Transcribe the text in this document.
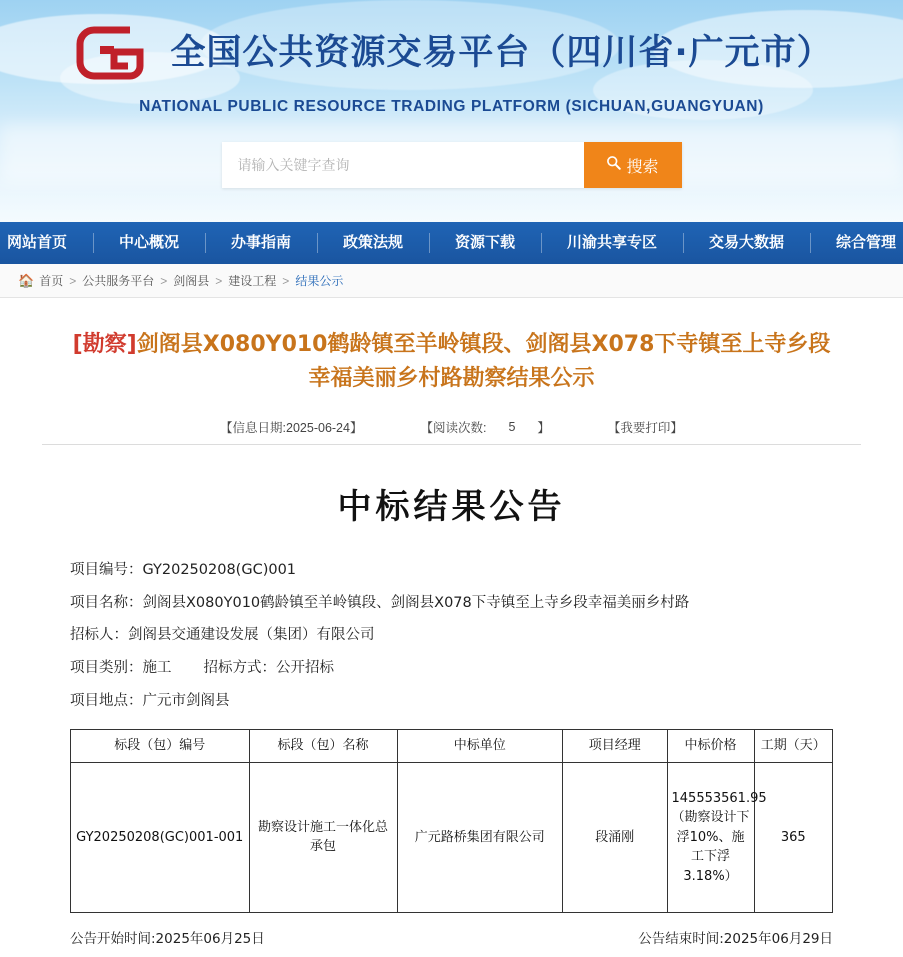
全国公共资源交易平台（四川省·广元市）
NATIONAL PUBLIC RESOURCE TRADING PLATFORM (SICHUAN,GUANGYUAN)
请输入关键字查询
搜索
网站首页	中心概况	办事指南	政策法规	资源下载	川渝共享专区	交易大数据	综合管理
🏠 首页 > 公共服务平台 > 剑阁县 > 建设工程 > 结果公示
[勘察]剑阁县X080Y010鹤龄镇至羊岭镇段、剑阁县X078下寺镇至上寺乡段幸福美丽乡村路勘察结果公示
【信息日期:2025-06-24】	【阅读次数: 5 】	【我要打印】
中标结果公告
项目编号：GY20250208(GC)001
项目名称：剑阁县X080Y010鹤龄镇至羊岭镇段、剑阁县X078下寺镇至上寺乡段幸福美丽乡村路
招标人：剑阁县交通建设发展（集团）有限公司
项目类别：施工 招标方式：公开招标
项目地点：广元市剑阁县
标段（包）编号	标段（包）名称	中标单位	项目经理	中标价格	工期（天）
GY20250208(GC)001-001	勘察设计施工一体化总承包	广元路桥集团有限公司	段涌刚	145553561.95（勘察设计下浮10%、施工下浮3.18%）	365
公告开始时间:2025年06月25日	公告结束时间:2025年06月29日
